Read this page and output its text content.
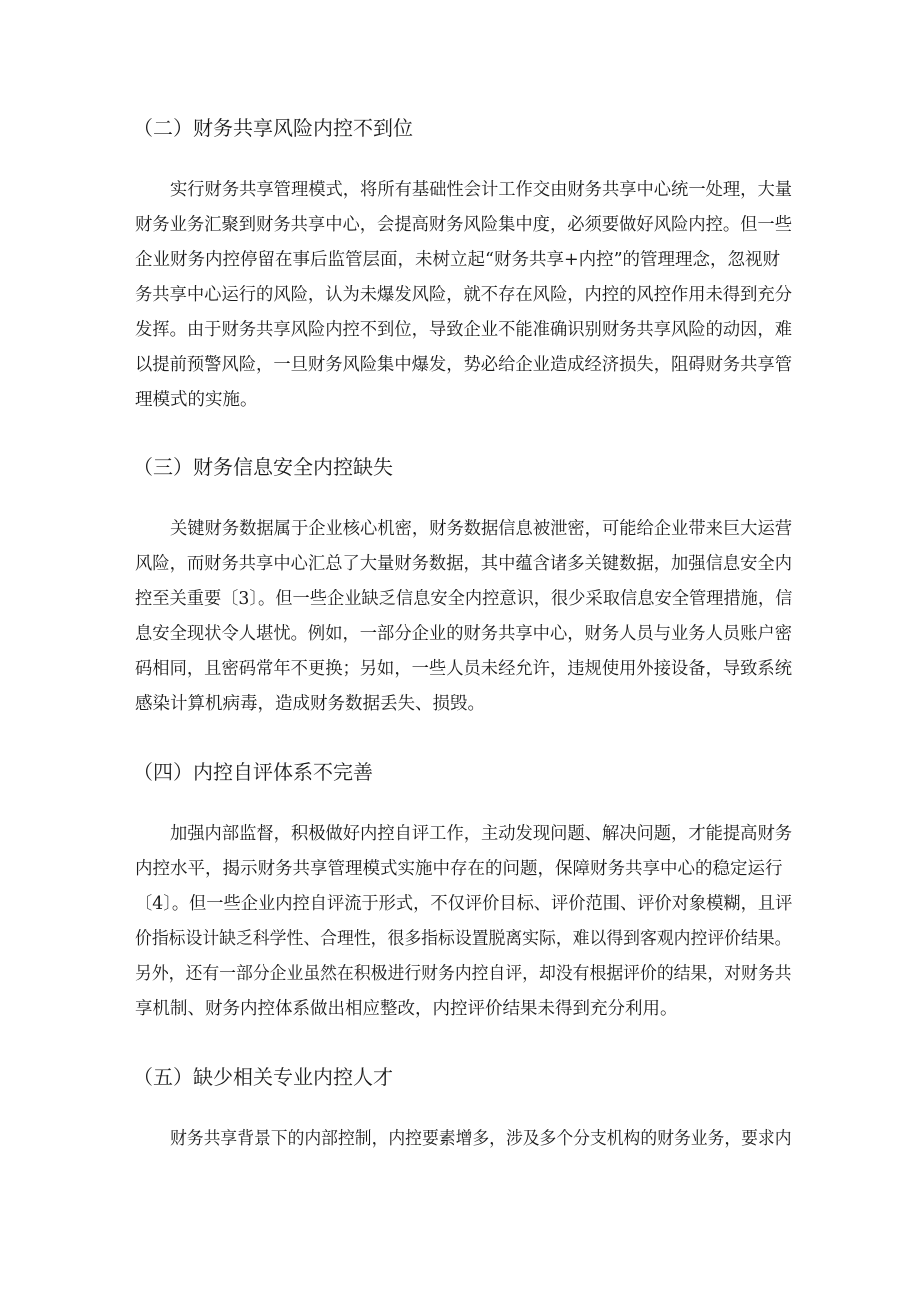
（二）财务共享风险内控不到位

实行财务共享管理模式，将所有基础性会计工作交由财务共享中心统一处理，大量

财务业务汇聚到财务共享中心，会提高财务风险集中度，必须要做好风险内控。但一些

企业财务内控停留在事后监管层面，未树立起“财务共享+内控”的管理理念，忽视财

务共享中心运行的风险，认为未爆发风险，就不存在风险，内控的风控作用未得到充分

发挥。由于财务共享风险内控不到位，导致企业不能准确识别财务共享风险的动因，难

以提前预警风险，一旦财务风险集中爆发，势必给企业造成经济损失，阻碍财务共享管

理模式的实施。

（三）财务信息安全内控缺失

关键财务数据属于企业核心机密，财务数据信息被泄密，可能给企业带来巨大运营

风险，而财务共享中心汇总了大量财务数据，其中蕴含诸多关键数据，加强信息安全内

控至关重要〔3〕。但一些企业缺乏信息安全内控意识，很少采取信息安全管理措施，信

息安全现状令人堪忧。例如，一部分企业的财务共享中心，财务人员与业务人员账户密

码相同，且密码常年不更换；另如，一些人员未经允许，违规使用外接设备，导致系统

感染计算机病毒，造成财务数据丢失、损毁。

（四）内控自评体系不完善

加强内部监督，积极做好内控自评工作，主动发现问题、解决问题，才能提高财务

内控水平，揭示财务共享管理模式实施中存在的问题，保障财务共享中心的稳定运行

〔4〕。但一些企业内控自评流于形式，不仅评价目标、评价范围、评价对象模糊，且评

价指标设计缺乏科学性、合理性，很多指标设置脱离实际，难以得到客观内控评价结果。

另外，还有一部分企业虽然在积极进行财务内控自评，却没有根据评价的结果，对财务共

享机制、财务内控体系做出相应整改，内控评价结果未得到充分利用。

（五）缺少相关专业内控人才

财务共享背景下的内部控制，内控要素增多，涉及多个分支机构的财务业务，要求内
